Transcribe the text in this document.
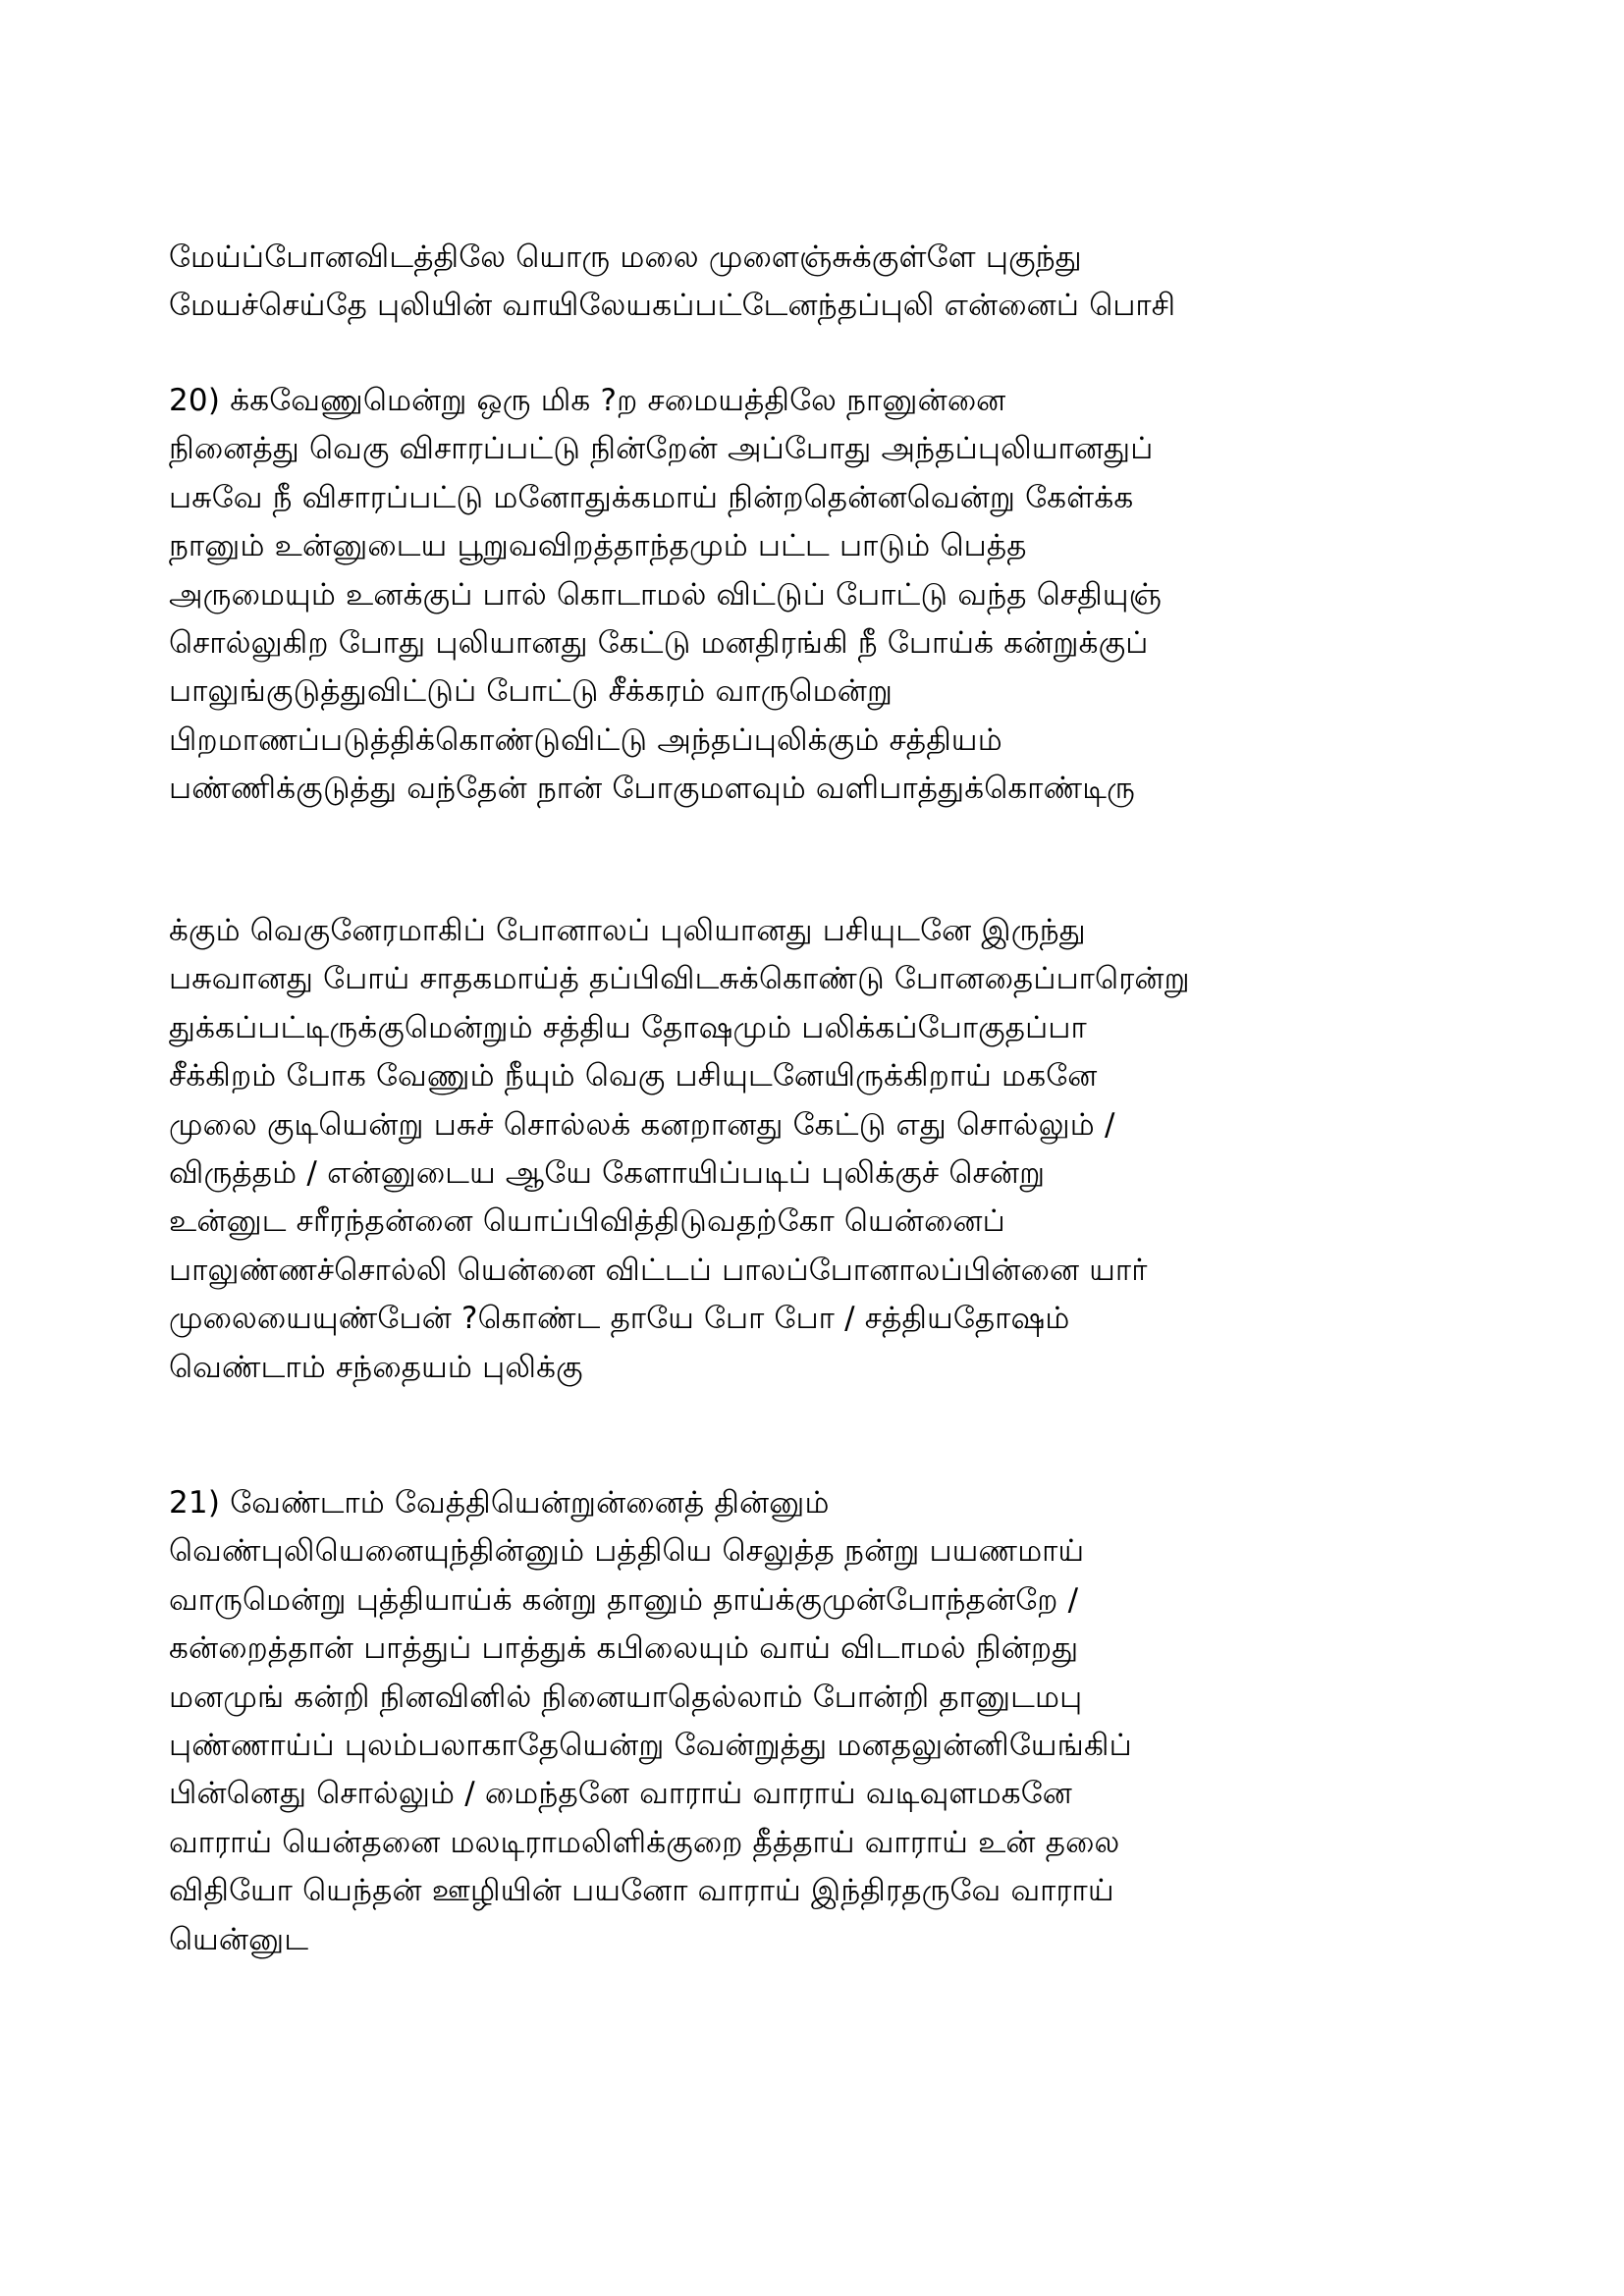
மேய்ப்போனவிடத்திலே யொரு மலை முளைஞ்சுக்குள்ளே புகுந்து
மேயச்செய்தே புலியின் வாயிலேயகப்பட்டேனந்தப்புலி என்னைப் பொசி
20) க்கவேணுமென்று ஒரு மிக ?ற சமையத்திலே நானுன்னை
நினைத்து வெகு விசாரப்பட்டு நின்றேன் அப்போது அந்தப்புலியானதுப்
பசுவே நீ விசாரப்பட்டு மனோதுக்கமாய் நின்றதென்னவென்று கேள்க்க
நானும் உன்னுடைய பூறுவவிறத்தாந்தமும் பட்ட பாடும் பெத்த
அருமையும் உனக்குப் பால் கொடாமல் விட்டுப் போட்டு வந்த செதியுஞ்
சொல்லுகிற போது புலியானது கேட்டு மனதிரங்கி நீ போய்க் கன்றுக்குப்
பாலுங்குடுத்துவிட்டுப் போட்டு சீக்கரம் வாருமென்று
பிறமாணப்படுத்திக்கொண்டுவிட்டு அந்தப்புலிக்கும் சத்தியம்
பண்ணிக்குடுத்து வந்தேன் நான் போகுமளவும் வளிபாத்துக்கொண்டிரு
க்கும் வெகுனேரமாகிப் போனாலப் புலியானது பசியுடனே இருந்து
பசுவானது போய் சாதகமாய்த் தப்பிவிடசுக்கொண்டு போனதைப்பாரென்று
துக்கப்பட்டிருக்குமென்றும் சத்திய தோஷமும் பலிக்கப்போகுதப்பா
சீக்கிறம் போக வேணும் நீயும் வெகு பசியுடனேயிருக்கிறாய் மகனே
முலை குடியென்று பசுச் சொல்லக் கனறானது கேட்டு எது சொல்லும் /
விருத்தம் / என்னுடைய ஆயே கேளாயிப்படிப் புலிக்குச் சென்று
உன்னுட சரீரந்தன்னை யொப்பிவித்திடுவதற்கோ யென்னைப்
பாலுண்ணச்சொல்லி யென்னை விட்டப் பாலப்போனாலப்பின்னை யார்
முலையையுண்பேன் ?கொண்ட தாயே போ போ / சத்தியதோஷம்
வெண்டாம் சந்தையம் புலிக்கு
21) வேண்டாம் வேத்தியென்றுன்னைத் தின்னும்
வெண்புலியெனையுந்தின்னும் பத்தியெ செலுத்த நன்று பயணமாய்
வாருமென்று புத்தியாய்க் கன்று தானும் தாய்க்குமுன்போந்தன்றே /
கன்றைத்தான் பாத்துப் பாத்துக் கபிலையும் வாய் விடாமல் நின்றது
மனமுங் கன்றி நினவினில் நினையாதெல்லாம் போன்றி தானுடமபு
புண்ணாய்ப் புலம்பலாகாதேயென்று வேன்றுத்து மனதலுன்னியேங்கிப்
பின்னெது சொல்லும் / மைந்தனே வாராய் வாராய் வடிவுளமகனே
வாராய் யென்தனை மலடிராமலிளிக்குறை தீத்தாய் வாராய் உன் தலை
விதியோ யெந்தன் ஊழியின் பயனோ வாராய் இந்திரதருவே வாராய்
யென்னுட
